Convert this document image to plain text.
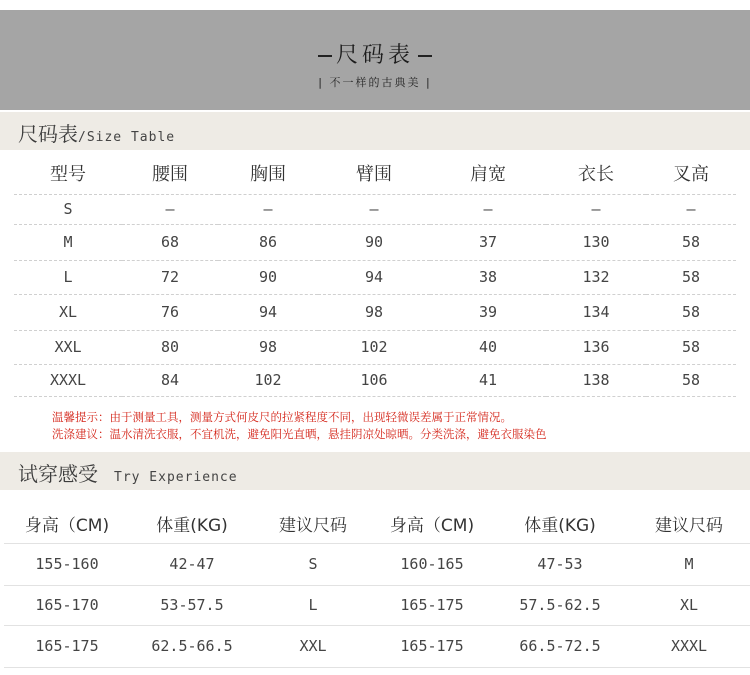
尺码表
| 不一样的古典美 |
尺码表/Size Table
型号	腰围	胸围	臂围	肩宽	衣长	叉高
S	–	–	–	–	–	–
M	68	86	90	37	130	58
L	72	90	94	38	132	58
XL	76	94	98	39	134	58
XXL	80	98	102	40	136	58
XXXL	84	102	106	41	138	58
温馨提示：由于测量工具，测量方式何皮尺的拉紧程度不同，出现轻微误差属于正常情况。
洗涤建议：温水清洗衣服，不宜机洗，避免阳光直晒，悬挂阴凉处晾晒。分类洗涤，避免衣服染色
试穿感受 Try Experience
身高（CM)	体重(KG)	建议尺码	身高（CM)	体重(KG)	建议尺码
155-160	42-47	S	160-165	47-53	M
165-170	53-57.5	L	165-175	57.5-62.5	XL
165-175	62.5-66.5	XXL	165-175	66.5-72.5	XXXL
